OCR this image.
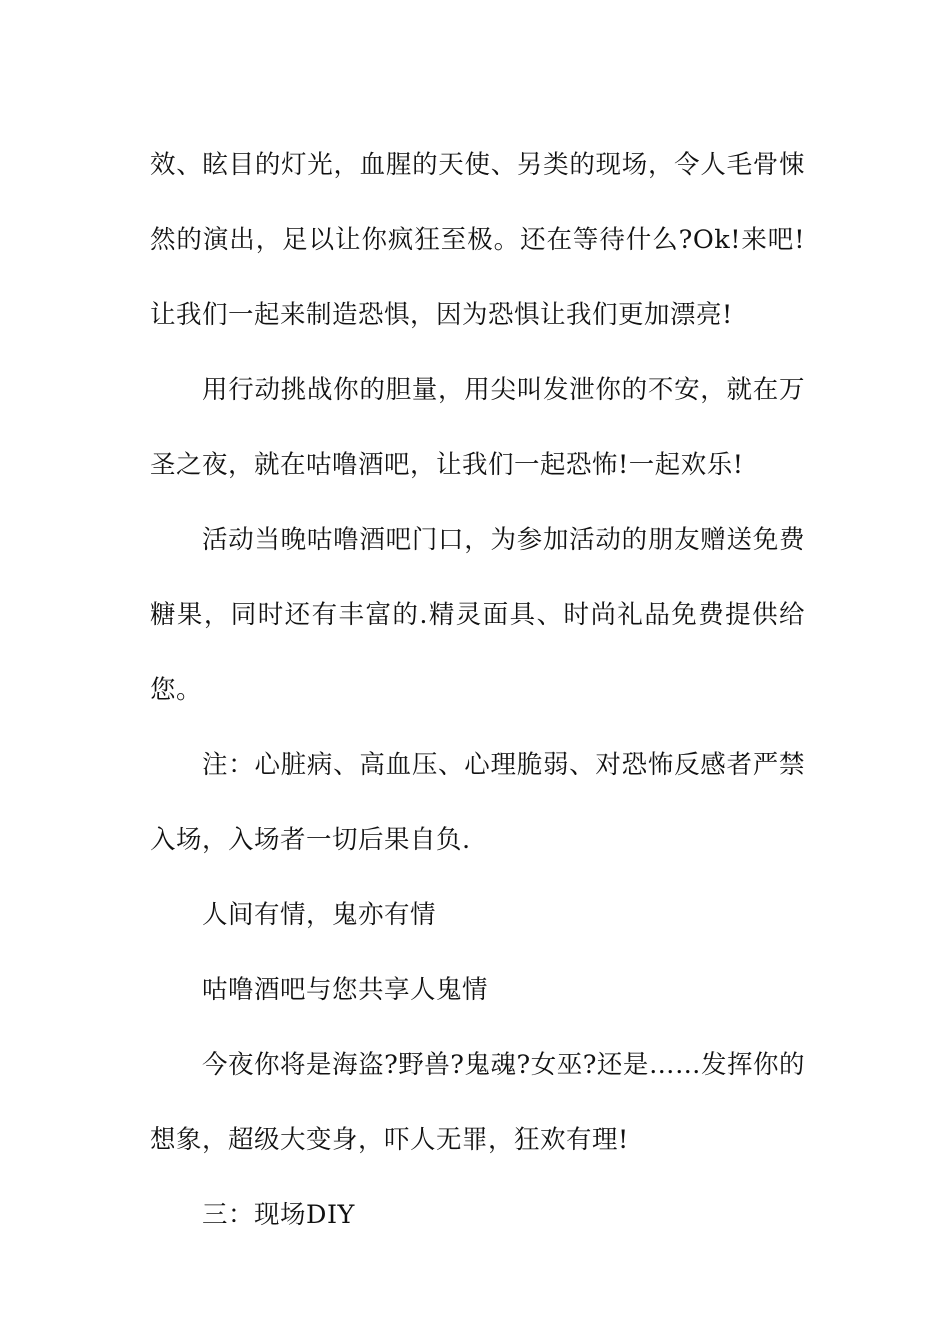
效、眩目的灯光，血腥的天使、另类的现场，令人毛骨悚然的演出，足以让你疯狂至极。还在等待什么?Ok!来吧!让我们一起来制造恐惧，因为恐惧让我们更加漂亮!

用行动挑战你的胆量，用尖叫发泄你的不安，就在万圣之夜，就在咕噜酒吧，让我们一起恐怖!一起欢乐!

活动当晚咕噜酒吧门口，为参加活动的朋友赠送免费糖果，同时还有丰富的.精灵面具、时尚礼品免费提供给您。

注：心脏病、高血压、心理脆弱、对恐怖反感者严禁入场，入场者一切后果自负.

人间有情，鬼亦有情

咕噜酒吧与您共享人鬼情

今夜你将是海盗?野兽?鬼魂?女巫?还是……发挥你的想象，超级大变身，吓人无罪，狂欢有理!

三：现场DIY
